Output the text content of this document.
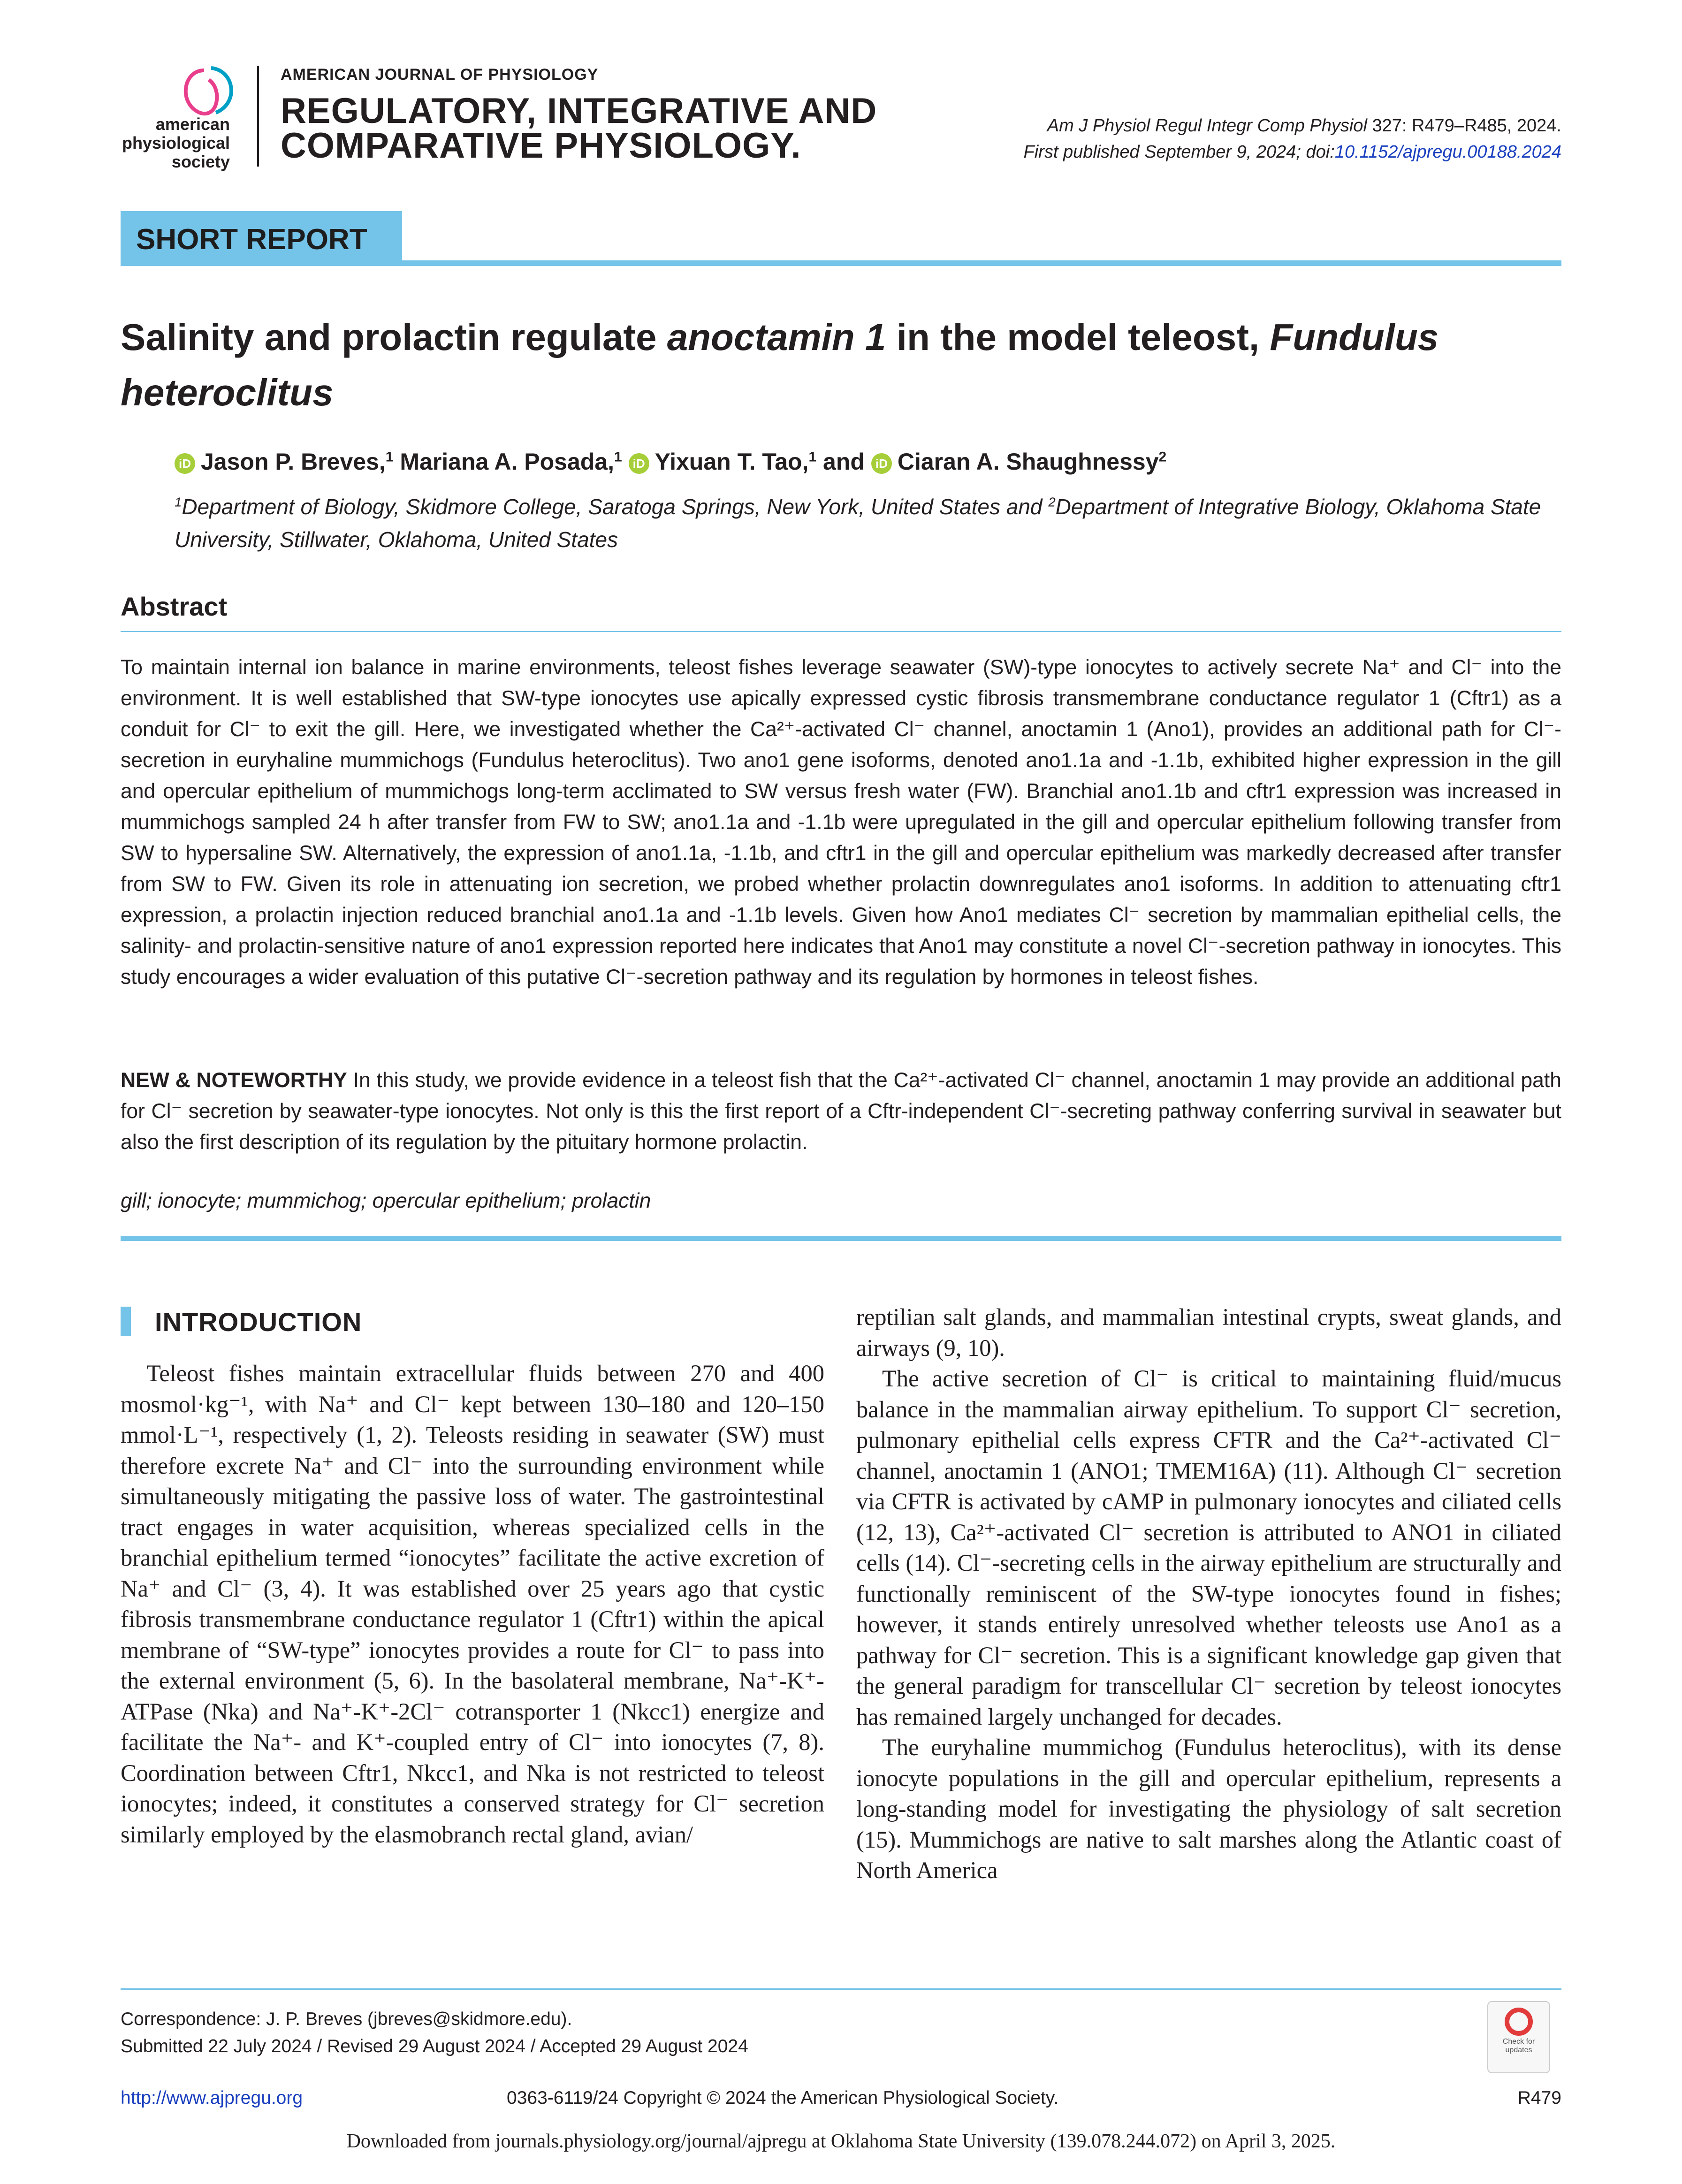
american
physiological
society
AMERICAN JOURNAL OF PHYSIOLOGY
REGULATORY, INTEGRATIVE AND
COMPARATIVE PHYSIOLOGY.	Am J Physiol Regul Integr Comp Physiol 327: R479–R485, 2024.
First published September 9, 2024; doi:10.1152/ajpregu.00188.2024
SHORT REPORT
Salinity and prolactin regulate anoctamin 1 in the model teleost, Fundulus heteroclitus
iD Jason P. Breves,$^1$ Mariana A. Posada,$^1$ iD Yixuan T. Tao,$^1$ and iD Ciaran A. Shaughnessy$^2$
$^1$Department of Biology, Skidmore College, Saratoga Springs, New York, United States and $^2$Department of Integrative Biology, Oklahoma State University, Stillwater, Oklahoma, United States
Abstract
To maintain internal ion balance in marine environments, teleost fishes leverage seawater (SW)-type ionocytes to actively secrete Na⁺ and Cl⁻ into the environment. It is well established that SW-type ionocytes use apically expressed cystic fibrosis transmembrane conductance regulator 1 (Cftr1) as a conduit for Cl⁻ to exit the gill. Here, we investigated whether the Ca²⁺-activated Cl⁻ channel, anoctamin 1 (Ano1), provides an additional path for Cl⁻-secretion in euryhaline mummichogs (Fundulus heteroclitus). Two ano1 gene isoforms, denoted ano1.1a and -1.1b, exhibited higher expression in the gill and opercular epithelium of mummichogs long-term acclimated to SW versus fresh water (FW). Branchial ano1.1b and cftr1 expression was increased in mummichogs sampled 24 h after transfer from FW to SW; ano1.1a and -1.1b were upregulated in the gill and opercular epithelium following transfer from SW to hypersaline SW. Alternatively, the expression of ano1.1a, -1.1b, and cftr1 in the gill and opercular epithelium was markedly decreased after transfer from SW to FW. Given its role in attenuating ion secretion, we probed whether prolactin downregulates ano1 isoforms. In addition to attenuating cftr1 expression, a prolactin injection reduced branchial ano1.1a and -1.1b levels. Given how Ano1 mediates Cl⁻ secretion by mammalian epithelial cells, the salinity- and prolactin-sensitive nature of ano1 expression reported here indicates that Ano1 may constitute a novel Cl⁻-secretion pathway in ionocytes. This study encourages a wider evaluation of this putative Cl⁻-secretion pathway and its regulation by hormones in teleost fishes.
NEW & NOTEWORTHY In this study, we provide evidence in a teleost fish that the Ca²⁺-activated Cl⁻ channel, anoctamin 1 may provide an additional path for Cl⁻ secretion by seawater-type ionocytes. Not only is this the first report of a Cftr-independent Cl⁻-secreting pathway conferring survival in seawater but also the first description of its regulation by the pituitary hormone prolactin.
gill; ionocyte; mummichog; opercular epithelium; prolactin
INTRODUCTION

Teleost fishes maintain extracellular fluids between 270 and 400 mosmol·kg⁻¹, with Na⁺ and Cl⁻ kept between 130–180 and 120–150 mmol·L⁻¹, respectively (1, 2). Teleosts residing in seawater (SW) must therefore excrete Na⁺ and Cl⁻ into the surrounding environment while simultaneously mitigating the passive loss of water. The gastrointestinal tract engages in water acquisition, whereas specialized cells in the branchial epithelium termed “ionocytes” facilitate the active excretion of Na⁺ and Cl⁻ (3, 4). It was established over 25 years ago that cystic fibrosis transmembrane conductance regulator 1 (Cftr1) within the apical membrane of “SW-type” ionocytes provides a route for Cl⁻ to pass into the external environment (5, 6). In the basolateral membrane, Na⁺-K⁺-ATPase (Nka) and Na⁺-K⁺-2Cl⁻ cotransporter 1 (Nkcc1) energize and facilitate the Na⁺- and K⁺-coupled entry of Cl⁻ into ionocytes (7, 8). Coordination between Cftr1, Nkcc1, and Nka is not restricted to teleost ionocytes; indeed, it constitutes a conserved strategy for Cl⁻ secretion similarly employed by the elasmobranch rectal gland, avian/

reptilian salt glands, and mammalian intestinal crypts, sweat glands, and airways (9, 10).

The active secretion of Cl⁻ is critical to maintaining fluid/mucus balance in the mammalian airway epithelium. To support Cl⁻ secretion, pulmonary epithelial cells express CFTR and the Ca²⁺-activated Cl⁻ channel, anoctamin 1 (ANO1; TMEM16A) (11). Although Cl⁻ secretion via CFTR is activated by cAMP in pulmonary ionocytes and ciliated cells (12, 13), Ca²⁺-activated Cl⁻ secretion is attributed to ANO1 in ciliated cells (14). Cl⁻-secreting cells in the airway epithelium are structurally and functionally reminiscent of the SW-type ionocytes found in fishes; however, it stands entirely unresolved whether teleosts use Ano1 as a pathway for Cl⁻ secretion. This is a significant knowledge gap given that the general paradigm for transcellular Cl⁻ secretion by teleost ionocytes has remained largely unchanged for decades.

The euryhaline mummichog (Fundulus heteroclitus), with its dense ionocyte populations in the gill and opercular epithelium, represents a long-standing model for investigating the physiology of salt secretion (15). Mummichogs are native to salt marshes along the Atlantic coast of North America

Correspondence: J. P. Breves (jbreves@skidmore.edu).
Submitted 22 July 2024 / Revised 29 August 2024 / Accepted 29 August 2024	Check for
updates
http://www.ajpregu.org	0363-6119/24 Copyright © 2024 the American Physiological Society.	R479
Downloaded from journals.physiology.org/journal/ajpregu at Oklahoma State University (139.078.244.072) on April 3, 2025.
